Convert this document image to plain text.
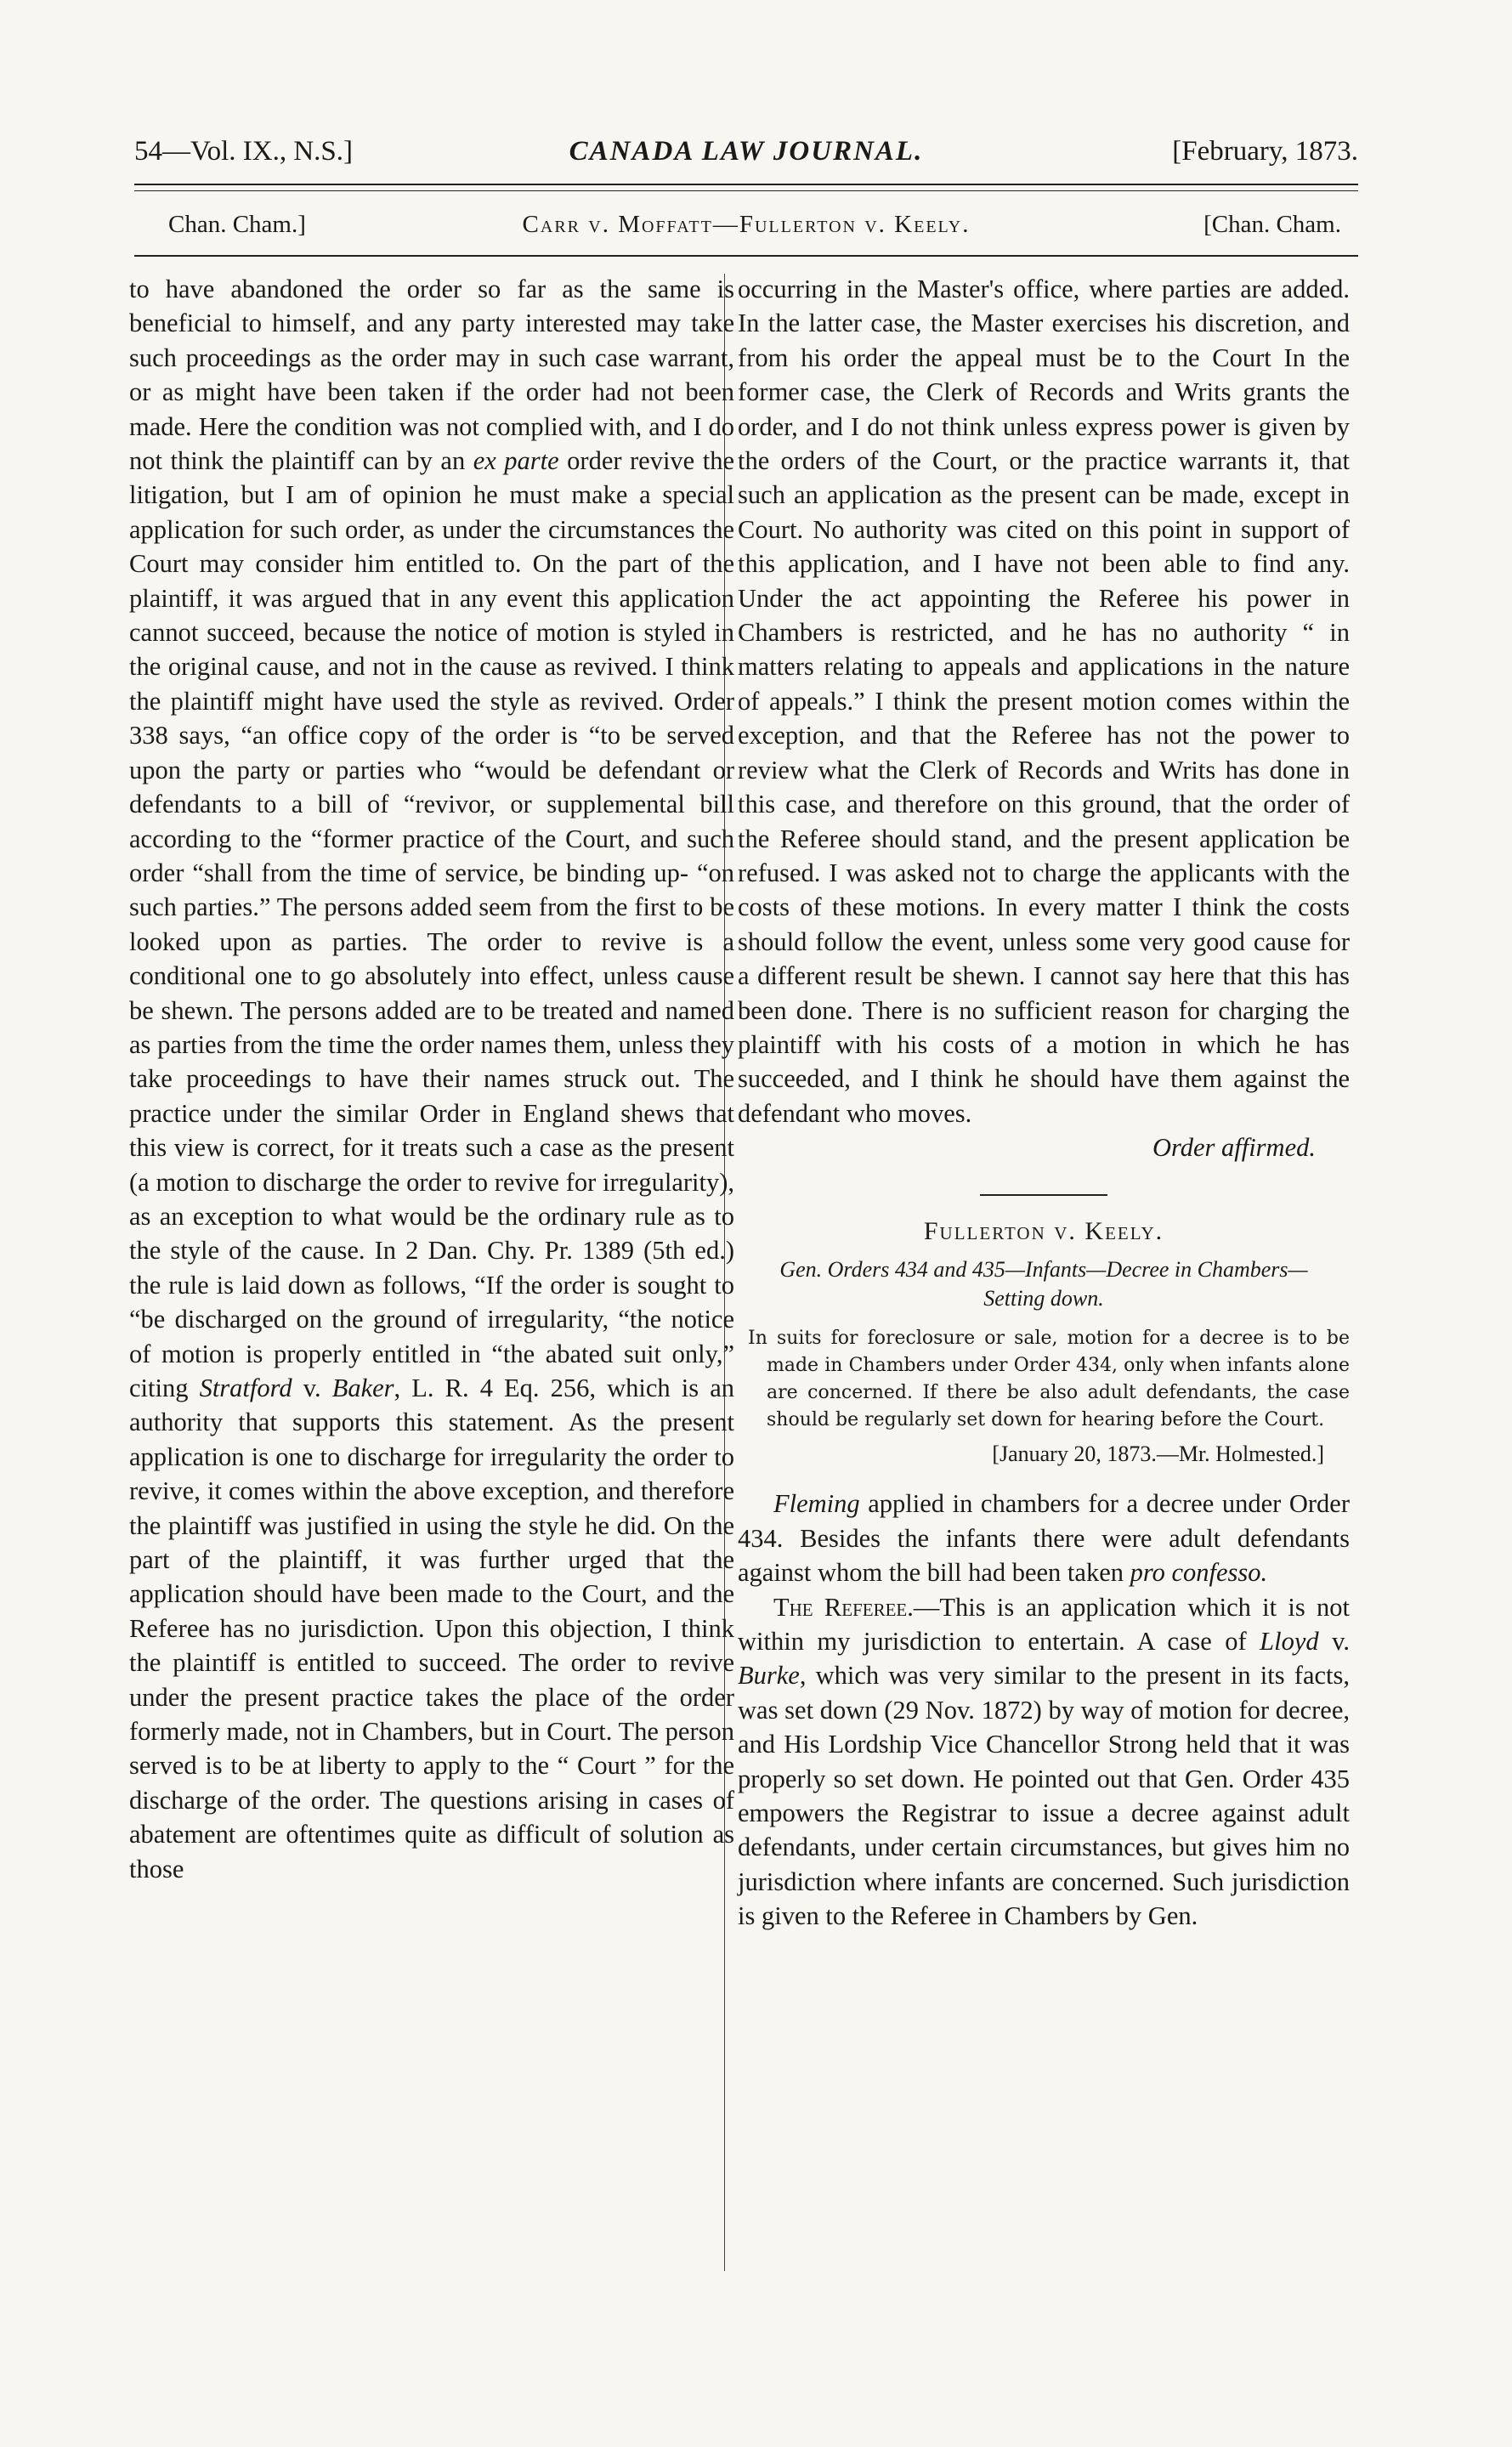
54—Vol. IX., N.S.]	CANADA LAW JOURNAL.	[February, 1873.
Chan. Cham.]	Carr v. Moffatt—Fullerton v. Keely.	[Chan. Cham.

to have abandoned the order so far as the same is beneficial to himself, and any party interested may take such proceedings as the order may in such case warrant, or as might have been taken if the order had not been made. Here the condition was not complied with, and I do not think the plaintiff can by an ex parte order revive the litigation, but I am of opinion he must make a special application for such order, as under the circumstances the Court may consider him entitled to. On the part of the plaintiff, it was argued that in any event this application cannot succeed, because the notice of motion is styled in the original cause, and not in the cause as revived. I think the plaintiff might have used the style as revived. Order 338 says, “an office copy of the order is “to be served upon the party or parties who “would be defendant or defendants to a bill of “revivor, or supplemental bill according to the “former practice of the Court, and such order “shall from the time of service, be binding up- “on such parties.” The persons added seem from the first to be looked upon as parties. The order to revive is a conditional one to go absolutely into effect, unless cause be shewn. The persons added are to be treated and named as parties from the time the order names them, unless they take proceedings to have their names struck out. The practice under the similar Order in England shews that this view is correct, for it treats such a case as the present (a motion to discharge the order to revive for irregularity), as an exception to what would be the ordinary rule as to the style of the cause. In 2 Dan. Chy. Pr. 1389 (5th ed.) the rule is laid down as follows, “If the order is sought to “be discharged on the ground of irregularity, “the notice of motion is properly entitled in “the abated suit only,” citing Stratford v. Baker, L. R. 4 Eq. 256, which is an authority that supports this statement. As the present application is one to discharge for irregularity the order to revive, it comes within the above exception, and therefore the plaintiff was justified in using the style he did. On the part of the plaintiff, it was further urged that the application should have been made to the Court, and the Referee has no jurisdiction. Upon this objection, I think the plaintiff is entitled to succeed. The order to revive under the present practice takes the place of the order formerly made, not in Chambers, but in Court. The person served is to be at liberty to apply to the “ Court ” for the discharge of the order. The questions arising in cases of abatement are oftentimes quite as difficult of solution as those

occurring in the Master's office, where parties are added. In the latter case, the Master exercises his discretion, and from his order the appeal must be to the Court In the former case, the Clerk of Records and Writs grants the order, and I do not think unless express power is given by the orders of the Court, or the practice warrants it, that such an application as the present can be made, except in Court. No authority was cited on this point in support of this application, and I have not been able to find any. Under the act appointing the Referee his power in Chambers is restricted, and he has no authority “ in matters relating to appeals and applications in the nature of appeals.” I think the present motion comes within the exception, and that the Referee has not the power to review what the Clerk of Records and Writs has done in this case, and therefore on this ground, that the order of the Referee should stand, and the present application be refused. I was asked not to charge the applicants with the costs of these motions. In every matter I think the costs should follow the event, unless some very good cause for a different result be shewn. I cannot say here that this has been done. There is no sufficient reason for charging the plaintiff with his costs of a motion in which he has succeeded, and I think he should have them against the defendant who moves.

Order affirmed.

Fullerton v. Keely.

Gen. Orders 434 and 435—Infants—Decree in Chambers—Setting down.

In suits for foreclosure or sale, motion for a decree is to be made in Chambers under Order 434, only when infants alone are concerned. If there be also adult defendants, the case should be regularly set down for hearing before the Court.

[January 20, 1873.—Mr. Holmested.]

Fleming applied in chambers for a decree under Order 434. Besides the infants there were adult defendants against whom the bill had been taken pro confesso.

The Referee.—This is an application which it is not within my jurisdiction to entertain. A case of Lloyd v. Burke, which was very similar to the present in its facts, was set down (29 Nov. 1872) by way of motion for decree, and His Lordship Vice Chancellor Strong held that it was properly so set down. He pointed out that Gen. Order 435 empowers the Registrar to issue a decree against adult defendants, under certain circumstances, but gives him no jurisdiction where infants are concerned. Such jurisdiction is given to the Referee in Chambers by Gen.
